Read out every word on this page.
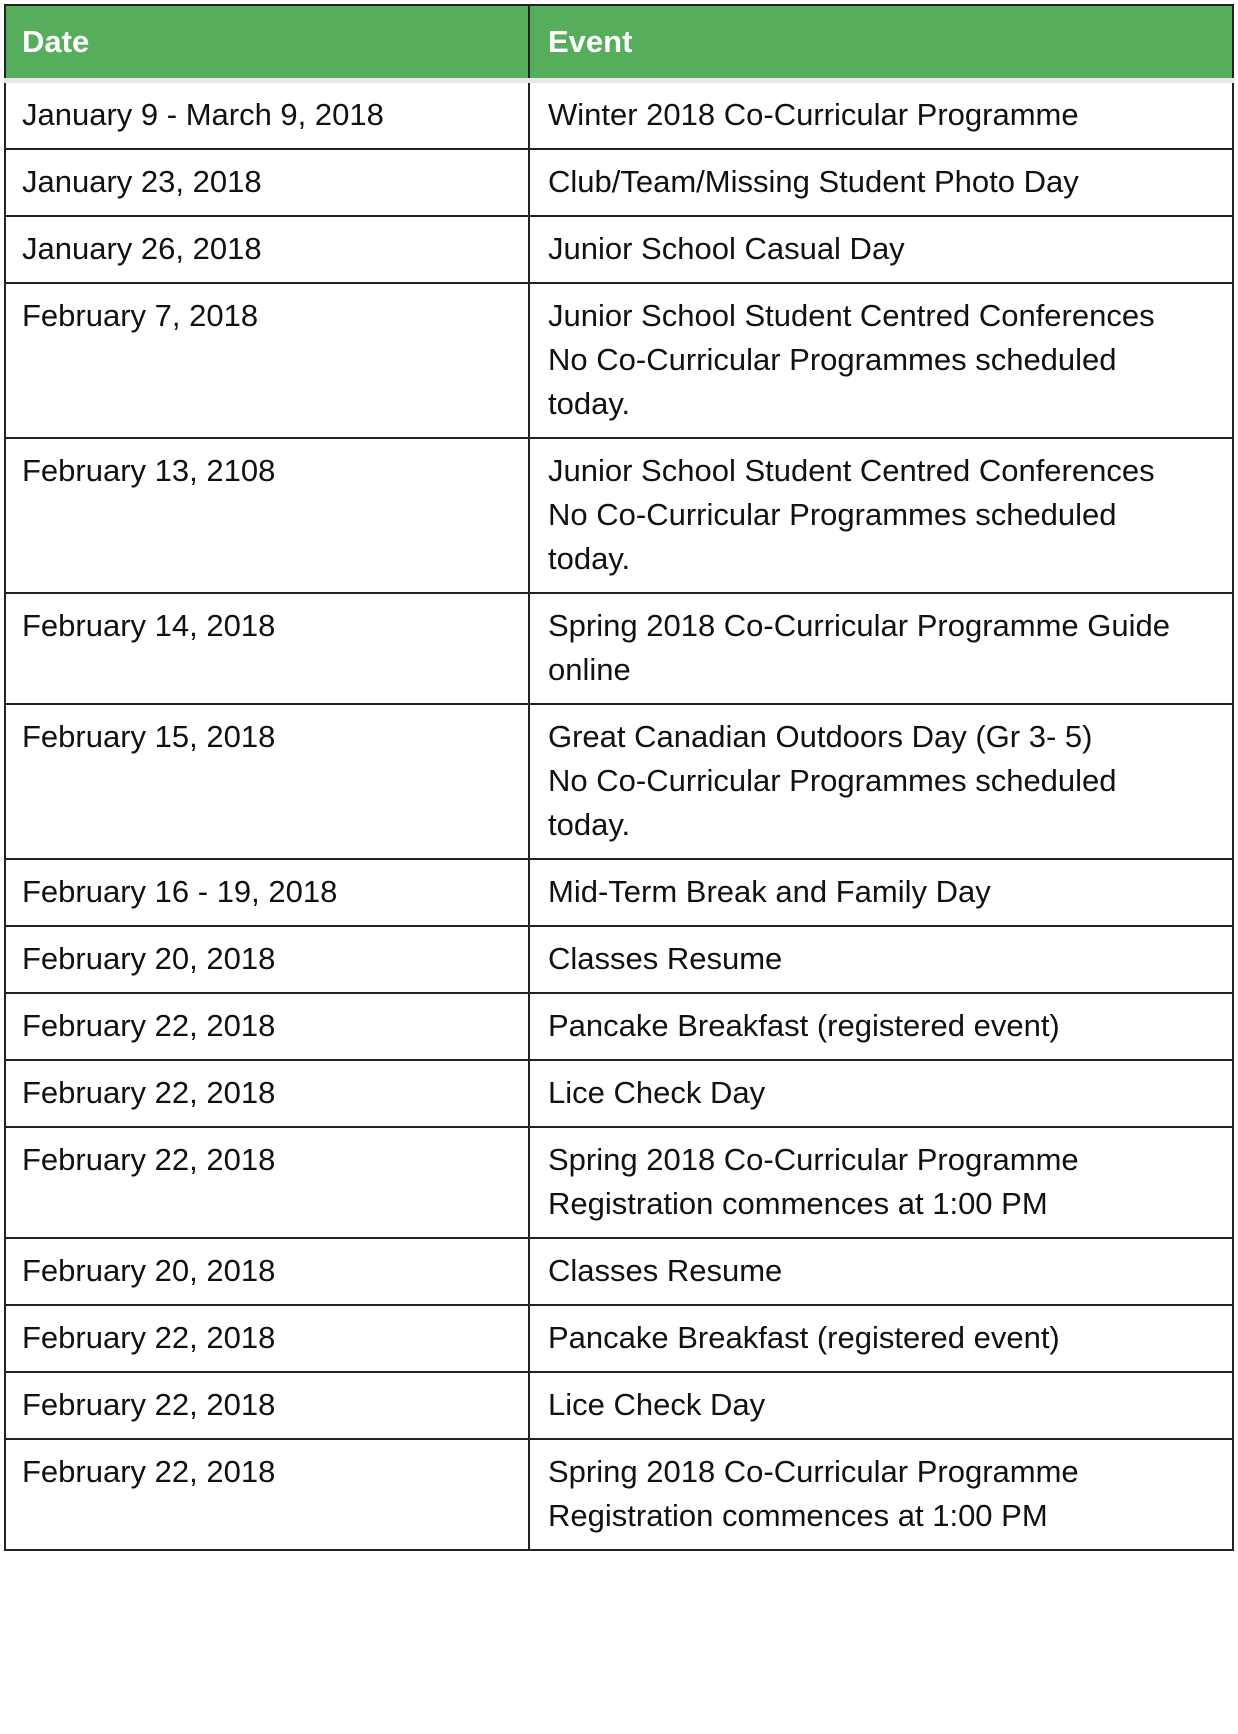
Date	Event
January 9 - March 9, 2018	Winter 2018 Co-Curricular Programme

January 23, 2018	Club/Team/Missing Student Photo Day

January 26, 2018	Junior School Casual Day

February 7, 2018	Junior School Student Centred Conferences
No Co-Curricular Programmes scheduled
today.

February 13, 2108	Junior School Student Centred Conferences
No Co-Curricular Programmes scheduled
today.

February 14, 2018	Spring 2018 Co-Curricular Programme Guide
online

February 15, 2018	Great Canadian Outdoors Day (Gr 3- 5)
No Co-Curricular Programmes scheduled
today.

February 16 - 19, 2018	Mid-Term Break and Family Day

February 20, 2018	Classes Resume

February 22, 2018	Pancake Breakfast (registered event)

February 22, 2018	Lice Check Day

February 22, 2018	Spring 2018 Co-Curricular Programme
Registration commences at 1:00 PM

February 20, 2018	Classes Resume

February 22, 2018	Pancake Breakfast (registered event)

February 22, 2018	Lice Check Day

February 22, 2018	Spring 2018 Co-Curricular Programme
Registration commences at 1:00 PM
